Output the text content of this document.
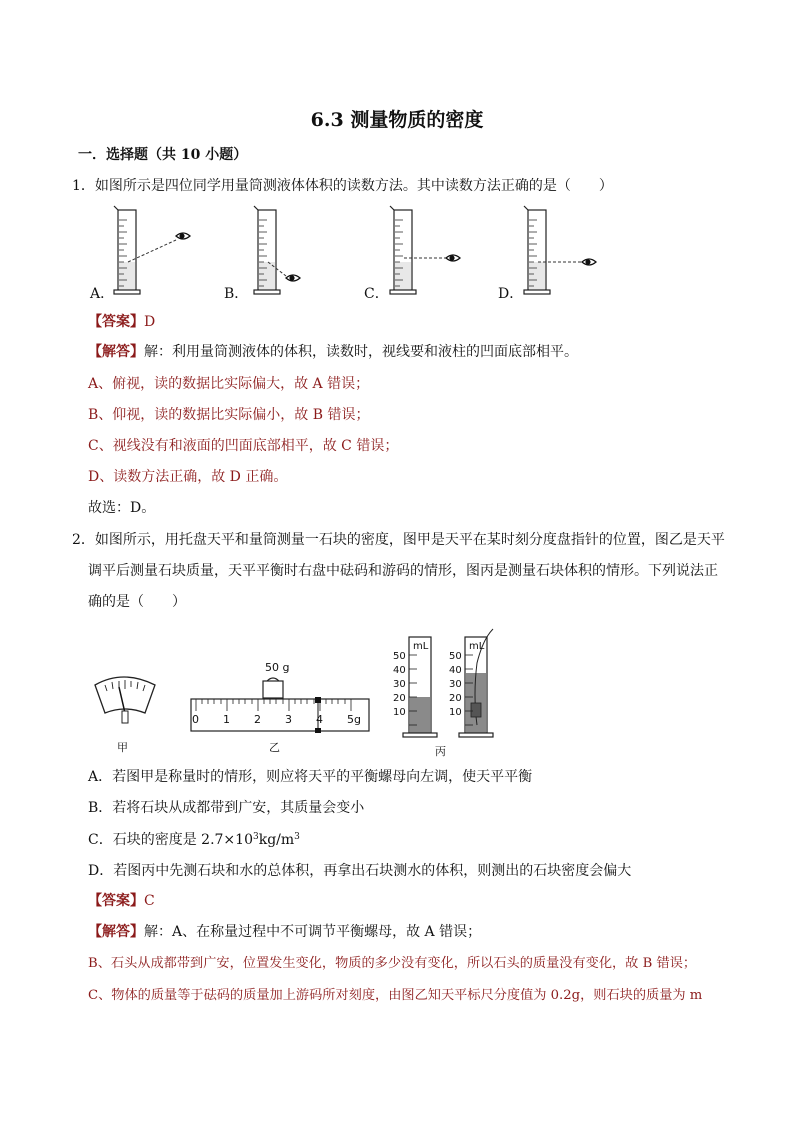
6.3 测量物质的密度
一．选择题（共 10 小题）
1．如图所示是四位同学用量筒测液体体积的读数方法。其中读数方法正确的是（　　）
A．	B．	C．	D．
【答案】D
【解答】解：利用量筒测液体的体积，读数时，视线要和液柱的凹面底部相平。
A、俯视，读的数据比实际偏大，故 A 错误；
B、仰视，读的数据比实际偏小，故 B 错误；
C、视线没有和液面的凹面底部相平，故 C 错误；
D、读数方法正确，故 D 正确。
故选：D。
2．如图所示，用托盘天平和量筒测量一石块的密度，图甲是天平在某时刻分度盘指针的位置，图乙是天平
调平后测量石块质量，天平平衡时右盘中砝码和游码的情形，图丙是测量石块体积的情形。下列说法正
确的是（　　）
甲
50 g
0 1 2 3 4 5g
乙
mL
50
40
30
20
10
mL
50
40
30
20
10
丙
A．若图甲是称量时的情形，则应将天平的平衡螺母向左调，使天平平衡
B．若将石块从成都带到广安，其质量会变小
C．石块的密度是 $2.7\times 10^3kg/m^3$
D．若图丙中先测石块和水的总体积，再拿出石块测水的体积，则测出的石块密度会偏大
【答案】C
【解答】解：A、在称量过程中不可调节平衡螺母，故 A 错误；
B、石头从成都带到广安，位置发生变化，物质的多少没有变化，所以石头的质量没有变化，故 B 错误；
C、物体的质量等于砝码的质量加上游码所对刻度，由图乙知天平标尺分度值为 0.2g，则石块的质量为 m
